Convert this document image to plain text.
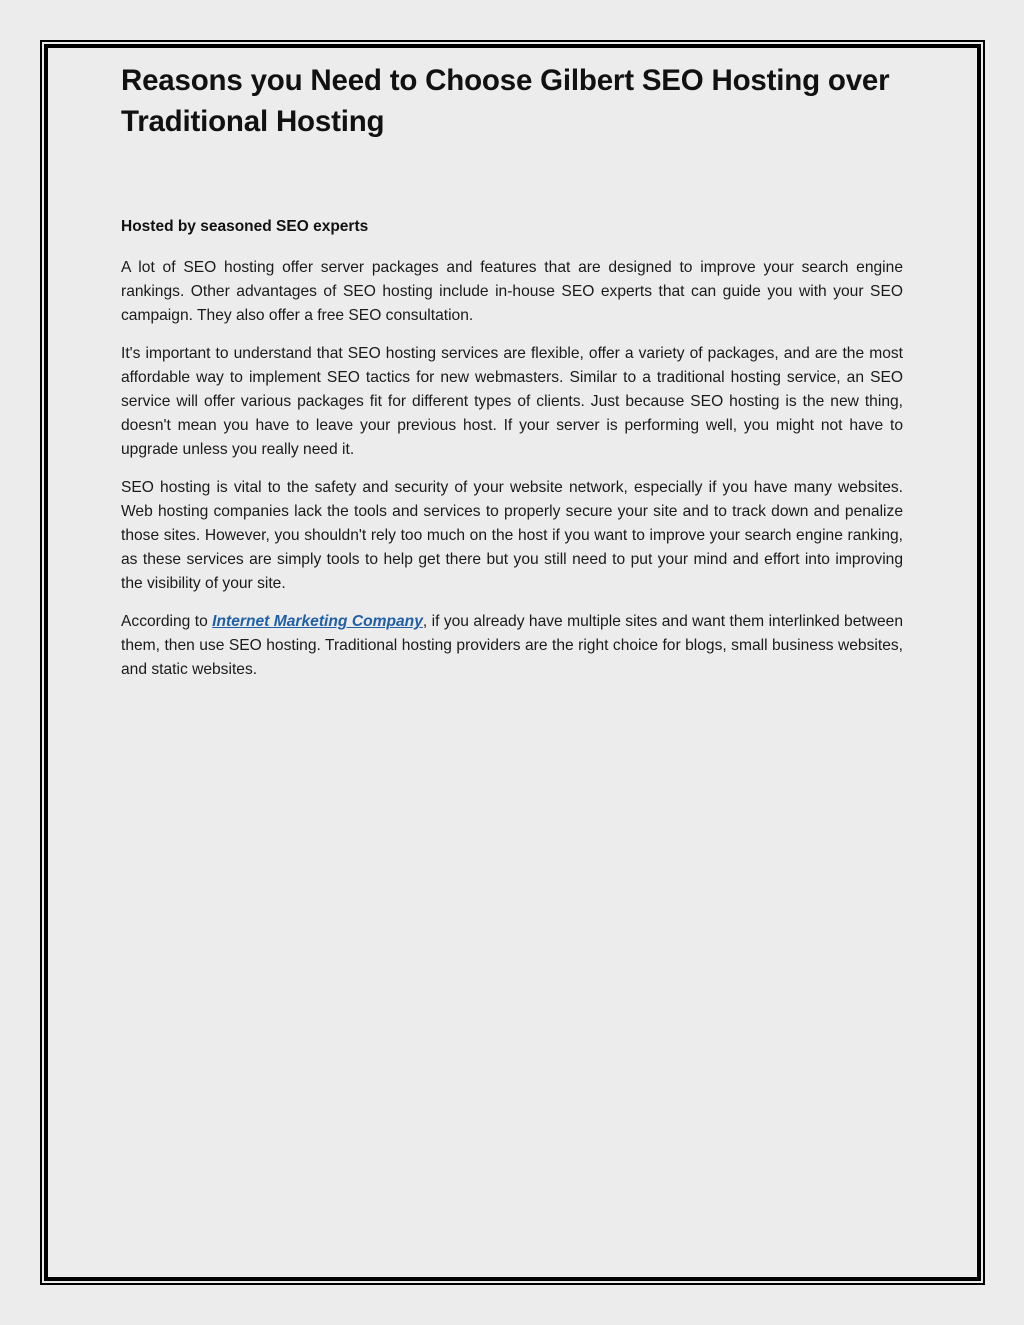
Reasons you Need to Choose Gilbert SEO Hosting over Traditional Hosting
Hosted by seasoned SEO experts

A lot of SEO hosting offer server packages and features that are designed to improve your search engine rankings. Other advantages of SEO hosting include in-house SEO experts that can guide you with your SEO campaign. They also offer a free SEO consultation.

It's important to understand that SEO hosting services are flexible, offer a variety of packages, and are the most affordable way to implement SEO tactics for new webmasters. Similar to a traditional hosting service, an SEO service will offer various packages fit for different types of clients. Just because SEO hosting is the new thing, doesn't mean you have to leave your previous host. If your server is performing well, you might not have to upgrade unless you really need it.

SEO hosting is vital to the safety and security of your website network, especially if you have many websites. Web hosting companies lack the tools and services to properly secure your site and to track down and penalize those sites. However, you shouldn't rely too much on the host if you want to improve your search engine ranking, as these services are simply tools to help get there but you still need to put your mind and effort into improving the visibility of your site.

According to Internet Marketing Company, if you already have multiple sites and want them interlinked between them, then use SEO hosting. Traditional hosting providers are the right choice for blogs, small business websites, and static websites.
